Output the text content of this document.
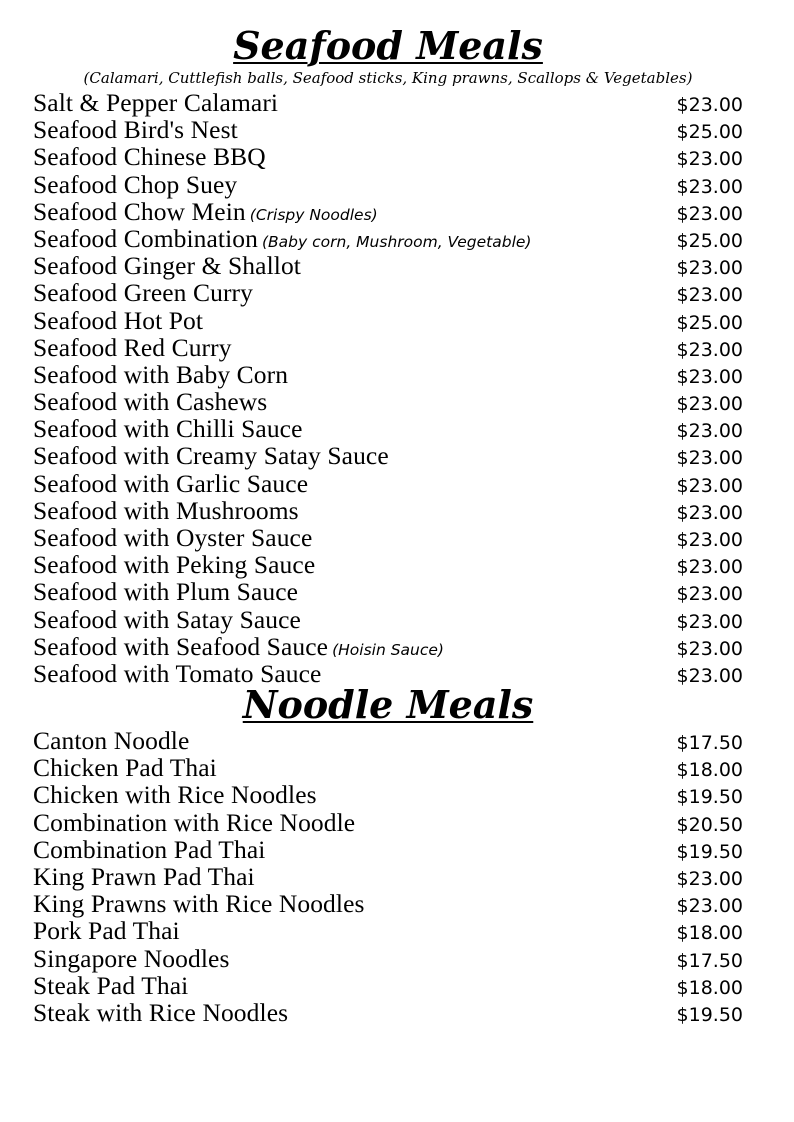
Seafood Meals
(Calamari, Cuttlefish balls, Seafood sticks, King prawns, Scallops & Vegetables)
Salt & Pepper Calamari	$23.00
Seafood Bird's Nest	$25.00
Seafood Chinese BBQ	$23.00
Seafood Chop Suey	$23.00
Seafood Chow Mein (Crispy Noodles)	$23.00
Seafood Combination (Baby corn, Mushroom, Vegetable)	$25.00
Seafood Ginger & Shallot	$23.00
Seafood Green Curry	$23.00
Seafood Hot Pot	$25.00
Seafood Red Curry	$23.00
Seafood with Baby Corn	$23.00
Seafood with Cashews	$23.00
Seafood with Chilli Sauce	$23.00
Seafood with Creamy Satay Sauce	$23.00
Seafood with Garlic Sauce	$23.00
Seafood with Mushrooms	$23.00
Seafood with Oyster Sauce	$23.00
Seafood with Peking Sauce	$23.00
Seafood with Plum Sauce	$23.00
Seafood with Satay Sauce	$23.00
Seafood with Seafood Sauce (Hoisin Sauce)	$23.00
Seafood with Tomato Sauce	$23.00
Noodle Meals
Canton Noodle	$17.50
Chicken Pad Thai	$18.00
Chicken with Rice Noodles	$19.50
Combination with Rice Noodle	$20.50
Combination Pad Thai	$19.50
King Prawn Pad Thai	$23.00
King Prawns with Rice Noodles	$23.00
Pork Pad Thai	$18.00
Singapore Noodles	$17.50
Steak Pad Thai	$18.00
Steak with Rice Noodles	$19.50
